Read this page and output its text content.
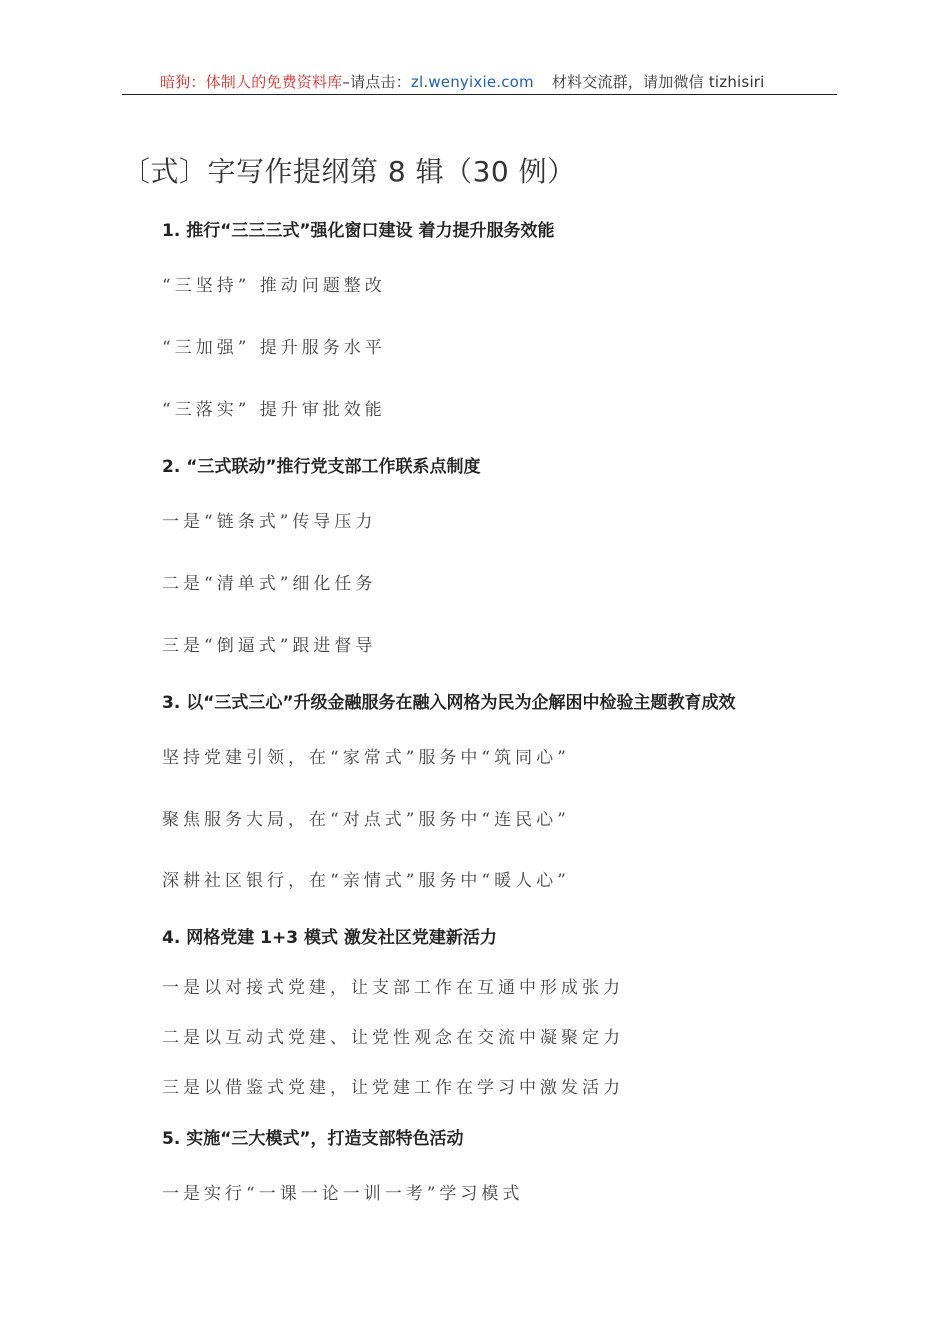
暗狗：体制人的免费资料库–请点击：zl.wenyixie.com 材料交流群，请加微信 tizhisiri
〔式〕字写作提纲第 8 辑（30 例）
1. 推行“三三三式”强化窗口建设 着力提升服务效能
“三坚持” 推动问题整改
“三加强” 提升服务水平
“三落实” 提升审批效能
2. “三式联动”推行党支部工作联系点制度
一是“链条式”传导压力
二是“清单式”细化任务
三是“倒逼式”跟进督导
3. 以“三式三心”升级金融服务在融入网格为民为企解困中检验主题教育成效
坚持党建引领，在“家常式”服务中“筑同心”
聚焦服务大局，在“对点式”服务中“连民心”
深耕社区银行，在“亲情式”服务中“暖人心”
4. 网格党建 1+3 模式 激发社区党建新活力
一是以对接式党建，让支部工作在互通中形成张力
二是以互动式党建、让党性观念在交流中凝聚定力
三是以借鉴式党建，让党建工作在学习中激发活力
5. 实施“三大模式”，打造支部特色活动
一是实行“一课一论一训一考”学习模式
